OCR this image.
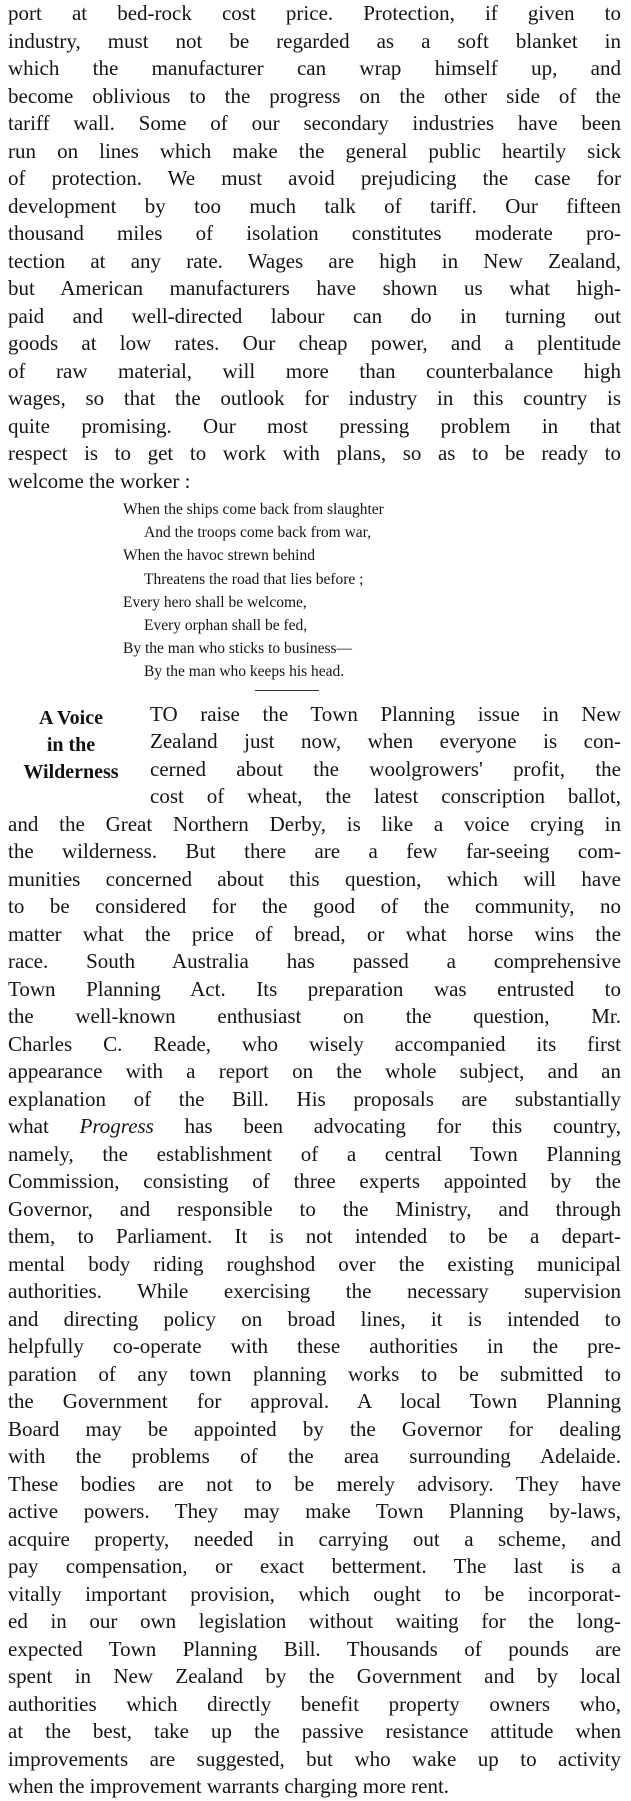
port at bed-rock cost price. Protection, if given to
industry, must not be regarded as a soft blanket in
which the manufacturer can wrap himself up, and
become oblivious to the progress on the other side of the
tariff wall. Some of our secondary industries have been
run on lines which make the general public heartily sick
of protection. We must avoid prejudicing the case for
development by too much talk of tariff. Our fifteen
thousand miles of isolation constitutes moderate pro-
tection at any rate. Wages are high in New Zealand,
but American manufacturers have shown us what high-
paid and well-directed labour can do in turning out
goods at low rates. Our cheap power, and a plentitude
of raw material, will more than counterbalance high
wages, so that the outlook for industry in this country is
quite promising. Our most pressing problem in that
respect is to get to work with plans, so as to be ready to
welcome the worker :

When the ships come back from slaughter
And the troops come back from war,
When the havoc strewn behind
Threatens the road that lies before ;
Every hero shall be welcome,
Every orphan shall be fed,
By the man who sticks to business—
By the man who keeps his head.
A Voice
in the
Wilderness

TO raise the Town Planning issue in New
Zealand just now, when everyone is con-
cerned about the woolgrowers' profit, the
cost of wheat, the latest conscription ballot,

and the Great Northern Derby, is like a voice crying in
the wilderness. But there are a few far-seeing com-
munities concerned about this question, which will have
to be considered for the good of the community, no
matter what the price of bread, or what horse wins the
race. South Australia has passed a comprehensive
Town Planning Act. Its preparation was entrusted to
the well-known enthusiast on the question, Mr.
Charles C. Reade, who wisely accompanied its first
appearance with a report on the whole subject, and an
explanation of the Bill. His proposals are substantially
what Progress has been advocating for this country,
namely, the establishment of a central Town Planning
Commission, consisting of three experts appointed by the
Governor, and responsible to the Ministry, and through
them, to Parliament. It is not intended to be a depart-
mental body riding roughshod over the existing municipal
authorities. While exercising the necessary supervision
and directing policy on broad lines, it is intended to
helpfully co-operate with these authorities in the pre-
paration of any town planning works to be submitted to
the Government for approval. A local Town Planning
Board may be appointed by the Governor for dealing
with the problems of the area surrounding Adelaide.
These bodies are not to be merely advisory. They have
active powers. They may make Town Planning by-laws,
acquire property, needed in carrying out a scheme, and
pay compensation, or exact betterment. The last is a
vitally important provision, which ought to be incorporat-
ed in our own legislation without waiting for the long-
expected Town Planning Bill. Thousands of pounds are
spent in New Zealand by the Government and by local
authorities which directly benefit property owners who,
at the best, take up the passive resistance attitude when
improvements are suggested, but who wake up to activity
when the improvement warrants charging more rent.
